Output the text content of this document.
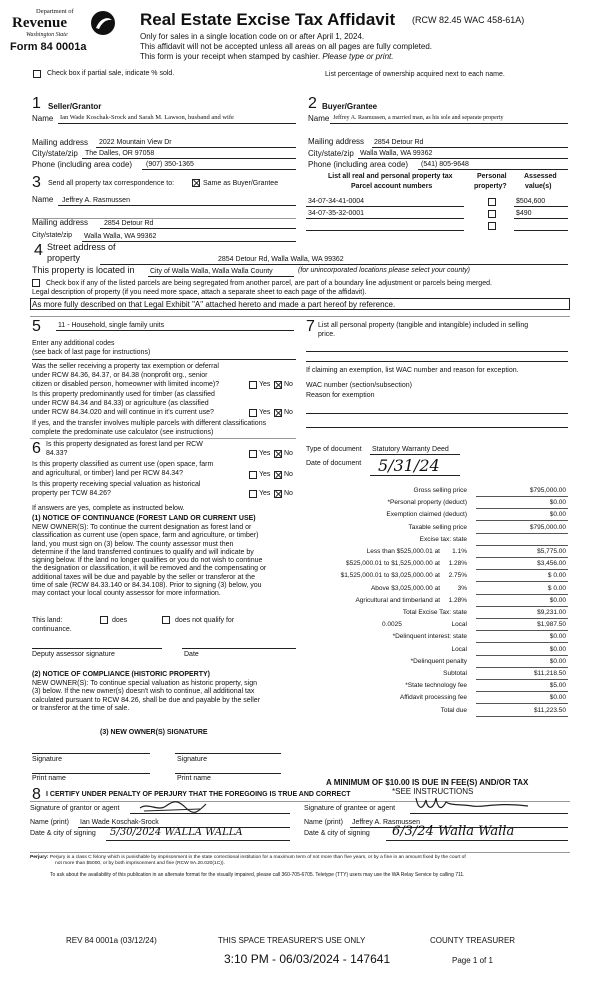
Department of
Revenue
Washington State
Form 84 0001a
Real Estate Excise Tax Affidavit (RCW 82.45 WAC 458-61A)
Only for sales in a single location code on or after April 1, 2024.
This affidavit will not be accepted unless all areas on all pages are fully completed.
This form is your receipt when stamped by cashier. Please type or print.
Check box if partial sale, indicate % sold.	List percentage of ownership acquired next to each name.
1 Seller/Grantor
Name Ian Wade Koschak-Srock and Sarah M. Lawson, husband and wife
Mailing address 2022 Mountain View Dr
City/state/zip The Dalles, OR 97058
Phone (including area code) (907) 350-1365
2 Buyer/Grantee
Name Jeffrey A. Rasmussen, a married man, as his sole and separate property
Mailing address 2854 Detour Rd
City/state/zip Walla Walla, WA 99362
Phone (including area code) (541) 805-9648
3 Send all property tax correspondence to:	Same as Buyer/Grantee
Name Jeffrey A. Rasmussen
Mailing address 2854 Detour Rd
City/state/zip Walla Walla, WA 99362
List all real and personal property tax
Parcel account numbers
Personal
property?
Assessed
value(s)
34-07-34-41-0004	$504,600
34-07-35-32-0001	$490
4 Street address of
property	2854 Detour Rd, Walla Walla, WA 99362
This property is located in City of Walla Walla, Walla Walla County	(for unincorporated locations please select your county)
Check box if any of the listed parcels are being segregated from another parcel, are part of a boundary line adjustment or parcels being merged.
Legal description of property (if you need more space, attach a separate sheet to each page of the affidavit).
As more fully described on that Legal Exhibit "A" attached hereto and made a part hereof by reference.
5 11 - Household, single family units
Enter any additional codes
(see back of last page for instructions)
Was the seller receiving a property tax exemption or deferral
under RCW 84.36, 84.37, or 84.38 (nonprofit org., senior
citizen or disabled person, homeowner with limited income)?	Yes No
Is this property predominantly used for timber (as classified
under RCW 84.34 and 84.33) or agriculture (as classified
under RCW 84.34.020 and will continue in it's current use?	Yes No
If yes, and the transfer involves multiple parcels with different classifications
complete the predominate use calculator (see instructions)
6 Is this property designated as forest land per RCW
84.33?	Yes No
Is this property classified as current use (open space, farm
and agricultural, or timber) land per RCW 84.34?	Yes No
Is this property receiving special valuation as historical
property per TCW 84.26?	Yes No
If answers are yes, complete as instructed below.
(1) NOTICE OF CONTINUANCE (FOREST LAND OR CURRENT USE)
NEW OWNER(S): To continue the current designation as forest land or
classification as current use (open space, farm and agriculture, or timber)
land, you must sign on (3) below. The county assessor must then
determine if the land transferred continues to qualify and will indicate by
signing below. If the land no longer qualifies or you do not wish to continue
the designation or classification, it will be removed and the compensating or
additional taxes will be due and payable by the seller or transferor at the
time of sale (RCW 84.33.140 or 84.34.108). Prior to signing (3) below, you
may contact your local county assessor for more information.
This land:	does	does not qualify for
continuance.
Deputy assessor signature	Date
(2) NOTICE OF COMPLIANCE (HISTORIC PROPERTY)
NEW OWNER(S): To continue special valuation as historic property, sign
(3) below. If the new owner(s) doesn't wish to continue, all additional tax
calculated pursuant to RCW 84.26, shall be due and payable by the seller
or transferor at the time of sale.
(3) NEW OWNER(S) SIGNATURE
Signature	Signature
Print name	Print name
7 List all personal property (tangible and intangible) included in selling
price.
If claiming an exemption, list WAC number and reason for exception.
WAC number (section/subsection)
Reason for exemption
Type of document Statutory Warranty Deed
Date of document 5/31/24
Gross selling price	$795,000.00
*Personal property (deduct)	$0.00
Exemption claimed (deduct)	$0.00
Taxable selling price	$795,000.00
Excise tax: state
Less than $525,000.01 at 1.1%	$5,775.00
$525,000.01 to $1,525,000.00 at 1.28%	$3,456.00
$1,525,000.01 to $3,025,000.00 at 2.75%	$ 0.00
Above $3,025,000.00 at	3%	$ 0.00
Agricultural and timberland at 1.28%	$0.00
Total Excise Tax: state	$9,231.00
0.0025	Local	$1,987.50
*Delinquent interest: state	$0.00
Local	$0.00
*Delinquent penalty	$0.00
Subtotal	$11,218.50
*State technology fee	$5.00
Affidavit processing fee	$0.00
Total due	$11,223.50
A MINIMUM OF $10.00 IS DUE IN FEE(S) AND/OR TAX
*SEE INSTRUCTIONS
8 I CERTIFY UNDER PENALTY OF PERJURY THAT THE FOREGOING IS TRUE AND CORRECT
Signature of grantor or agent	Signature of grantee or agent
Name (print) Ian Wade Koschak-Srock	Name (print) Jeffrey A. Rasmussen
Date & city of signing 5/30/2024 WALLA WALLA	Date & city of signing 6/3/24 Walla Walla
Perjury: Perjury is a class C felony which is punishable by imprisonment in the state correctional institution for a maximum term of not more than five years, or by a fine in an amount fixed by the court of
not more than $5000, or by both imprisonment and fine (RCW 9A.20.020(1C)).
To ask about the availability of this publication in an alternate format for the visually impaired, please call 360-705-6705. Teletype (TTY) users may use the WA Relay Service by calling 711.
REV 84 0001a (03/12/24)	THIS SPACE TREASURER'S USE ONLY	COUNTY TREASURER
3:10 PM - 06/03/2024 - 147641	Page 1 of 1
